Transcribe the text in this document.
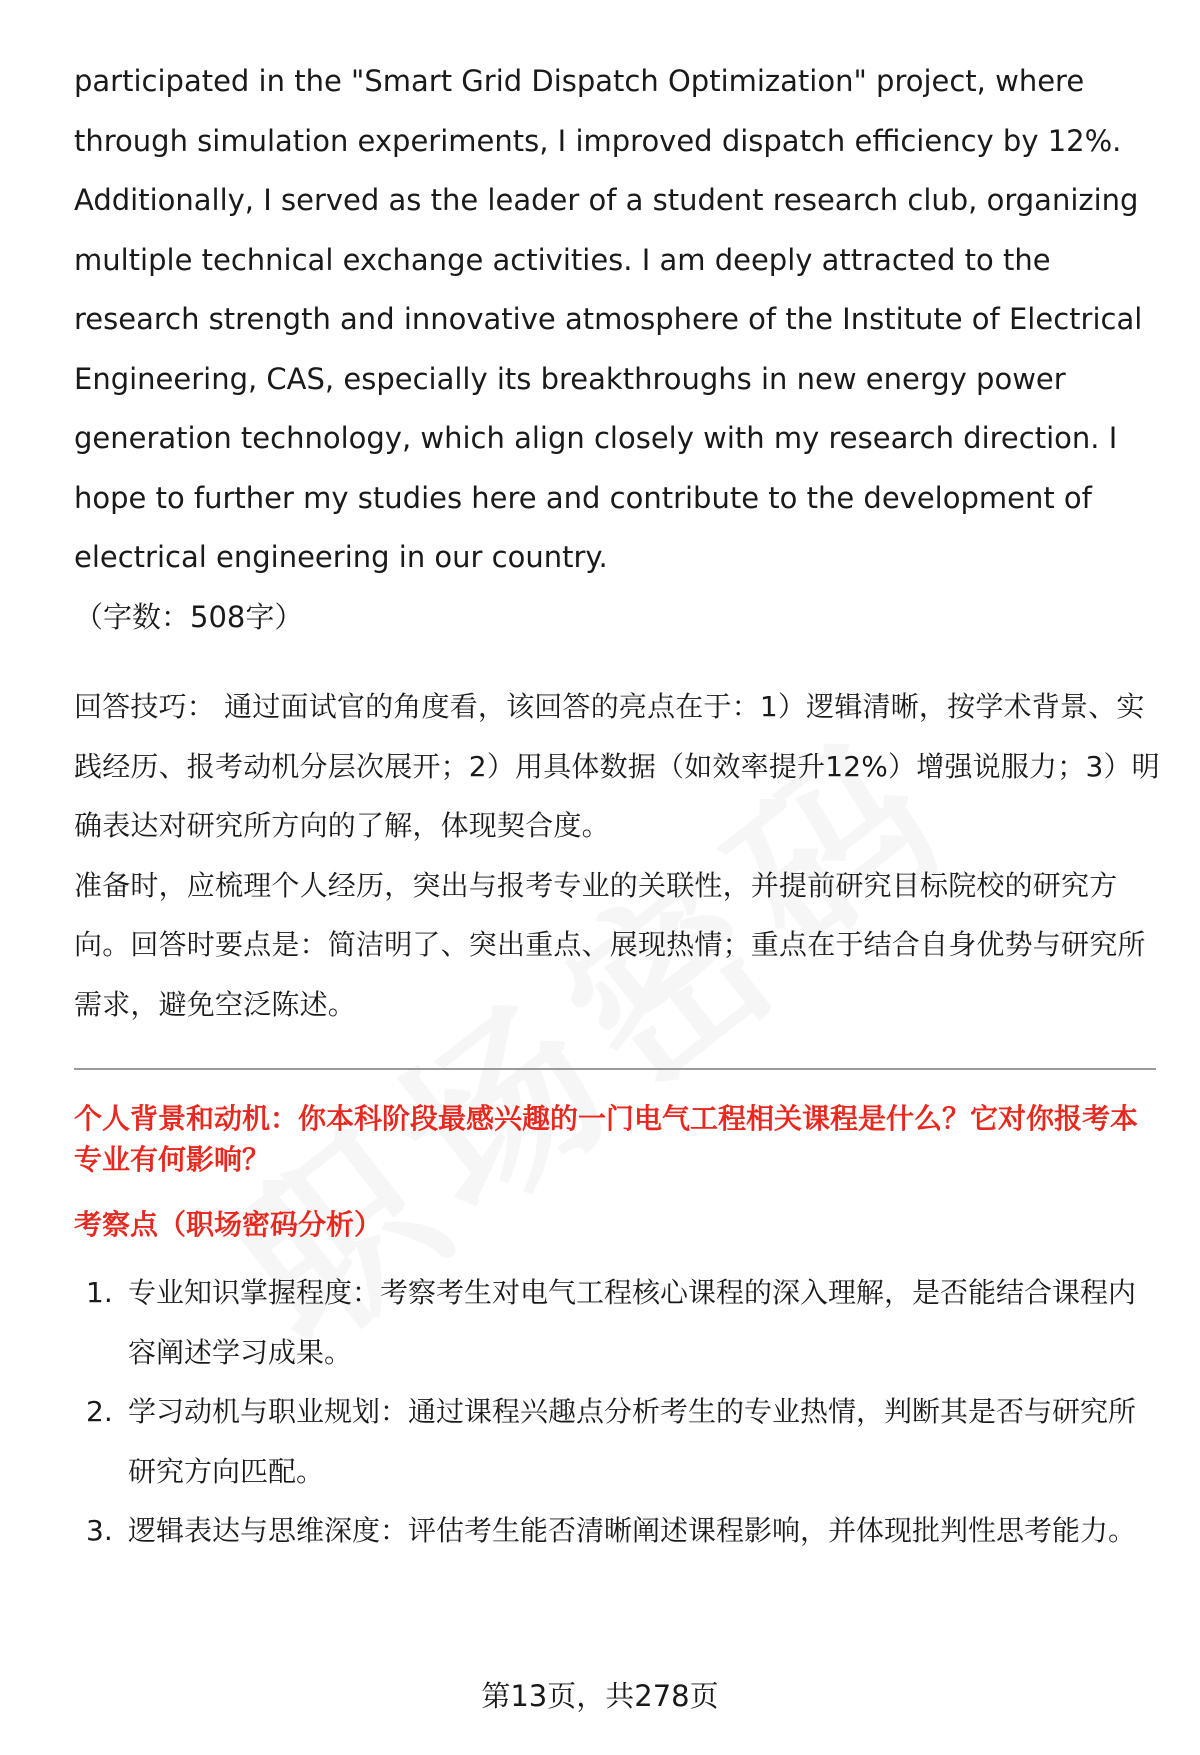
participated in the "Smart Grid Dispatch Optimization" project, where through simulation experiments, I improved dispatch efficiency by 12%. Additionally, I served as the leader of a student research club, organizing multiple technical exchange activities. I am deeply attracted to the research strength and innovative atmosphere of the Institute of Electrical Engineering, CAS, especially its breakthroughs in new energy power generation technology, which align closely with my research direction. I hope to further my studies here and contribute to the development of electrical engineering in our country.

（字数：508字）

回答技巧： 通过面试官的角度看，该回答的亮点在于：1）逻辑清晰，按学术背景、实践经历、报考动机分层次展开；2）用具体数据（如效率提升12%）增强说服力；3）明确表达对研究所方向的了解，体现契合度。

准备时，应梳理个人经历，突出与报考专业的关联性，并提前研究目标院校的研究方向。回答时要点是：简洁明了、突出重点、展现热情；重点在于结合自身优势与研究所需求，避免空泛陈述。

个人背景和动机：你本科阶段最感兴趣的一门电气工程相关课程是什么？它对你报考本专业有何影响？

考察点（职场密码分析）

1. 专业知识掌握程度：考察考生对电气工程核心课程的深入理解，是否能结合课程内容阐述学习成果。
2. 学习动机与职业规划：通过课程兴趣点分析考生的专业热情，判断其是否与研究所研究方向匹配。
3. 逻辑表达与思维深度：评估考生能否清晰阐述课程影响，并体现批判性思考能力。
第13页，共278页
